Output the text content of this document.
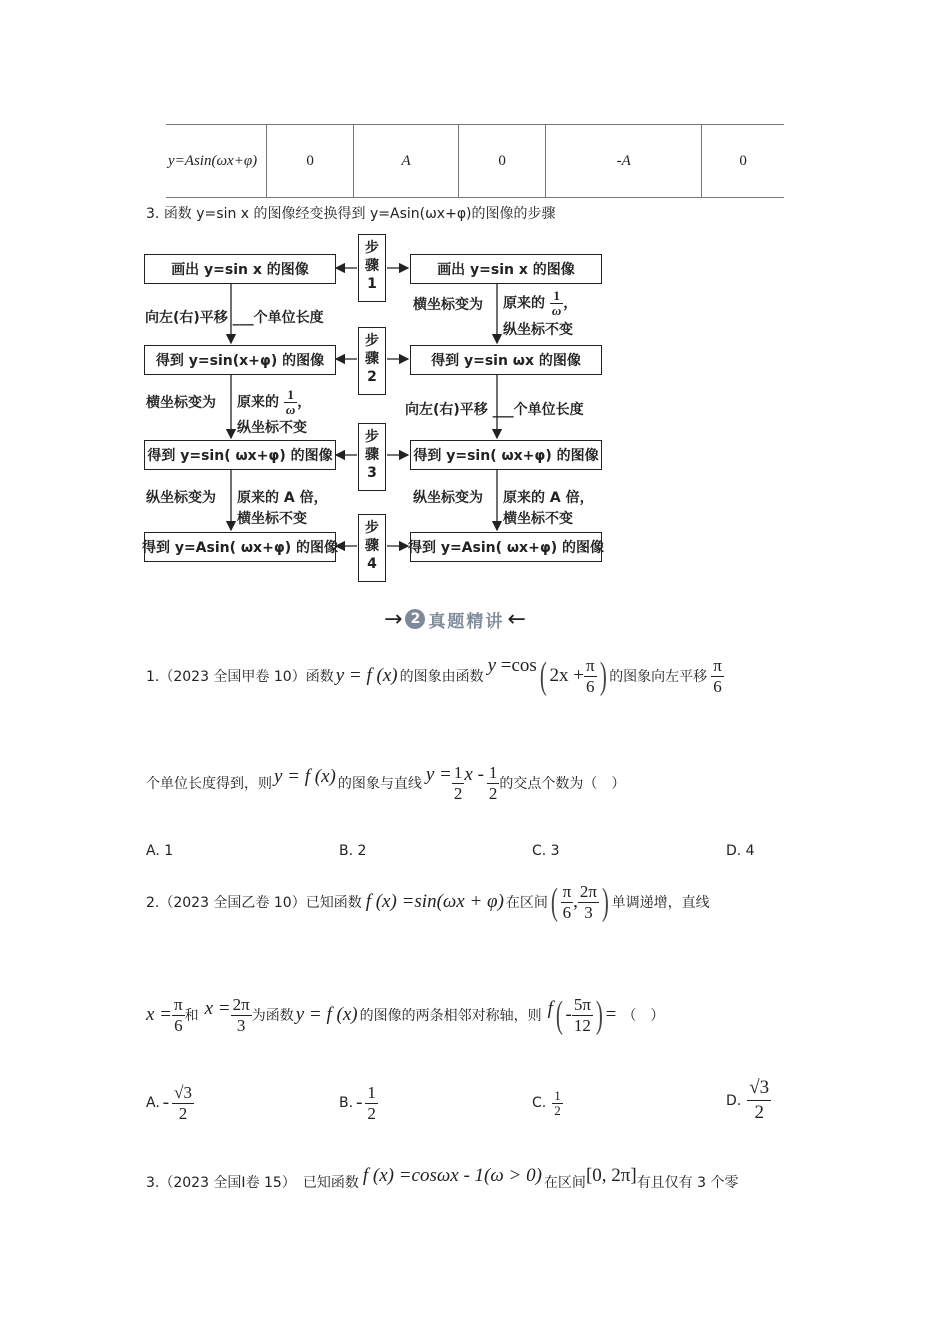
y=Asin(ωx+φ)	0	A	0	-A	0
3. 函数 y=sin x 的图像经变换得到 y=Asin(ωx+φ)的图像的步骤
画出 y=sin x 的图像
得到 y=sin(x+φ) 的图像
得到 y=sin( ωx+φ) 的图像
得到 y=Asin( ωx+φ) 的图像
画出 y=sin x 的图像
得到 y=sin ωx 的图像
得到 y=sin( ωx+φ) 的图像
得到 y=Asin( ωx+φ) 的图像
步
骤
1
步
骤
2
步
骤
3
步
骤
4
向左(右)平移 ___个单位长度
横坐标变为 原来的 $\frac{1}{\omega}$ ，
纵坐标不变
纵坐标变为 原来的 A 倍，
横坐标不变
横坐标变为 原来的 $\frac{1}{\omega}$ ，
纵坐标不变
向左(右)平移 ___个单位长度
纵坐标变为 原来的 A 倍，
横坐标不变
→ 2 真题精讲 ←
1.（2023 全国甲卷 10）函数 y = f (x) 的图象由函数
y =cos ( $2x + \frac{\pi}{6}$ ) 的图象向左平移 $\frac{\pi}{6}$
个单位长度得到，则 y = f (x) 的图象与直线 $y = \frac{1}{2}$ x - $\frac{1}{2}$ 的交点个数为（　）
A. 1	B. 2	C. 3	D. 4
2.（2023 全国乙卷 10）已知函数 f (x) =sin(ωx + φ) 在区间 ( $\frac{\pi}{6}$ , $\frac{2\pi}{3}$ ) 单调递增，直线
$x = \frac{\pi}{6}$ 和 $x = \frac{2\pi}{3}$ 为函数 y = f (x) 的图像的两条相邻对称轴，则 f ( - $\frac{5\pi}{12}$ ) = （　）
A. - $\frac{√3}{2}$	B. - $\frac{1}{2}$	C. $\frac{1}{2}$	D. $\frac{√3}{2}$
3.（2023 全国Ⅰ卷 15）　已知函数 f (x) =cosωx - 1(ω > 0) 在区间 [0, 2π] 有且仅有 3 个零
